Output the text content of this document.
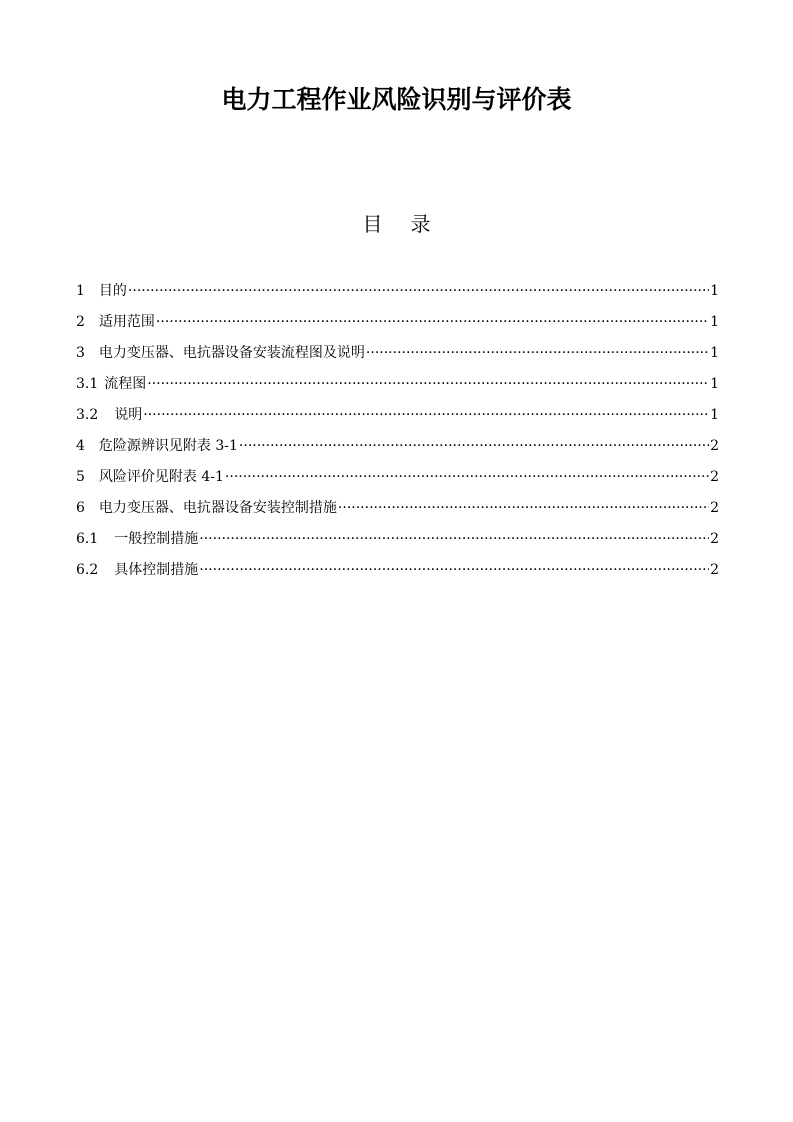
电力工程作业风险识别与评价表
目录
1 目的 ·····	1
2 适用范围 ·····	1
3 电力变压器、电抗器设备安装流程图及说明 ·····	1
3.1 流程图 ·····	1
3.2 说明 ·····	1
4 危险源辨识见附表 3-1 ·····	2
5 风险评价见附表 4-1 ·····	2
6 电力变压器、电抗器设备安装控制措施 ·····	2
6.1 一般控制措施 ·····	2
6.2 具体控制措施 ·····	2
